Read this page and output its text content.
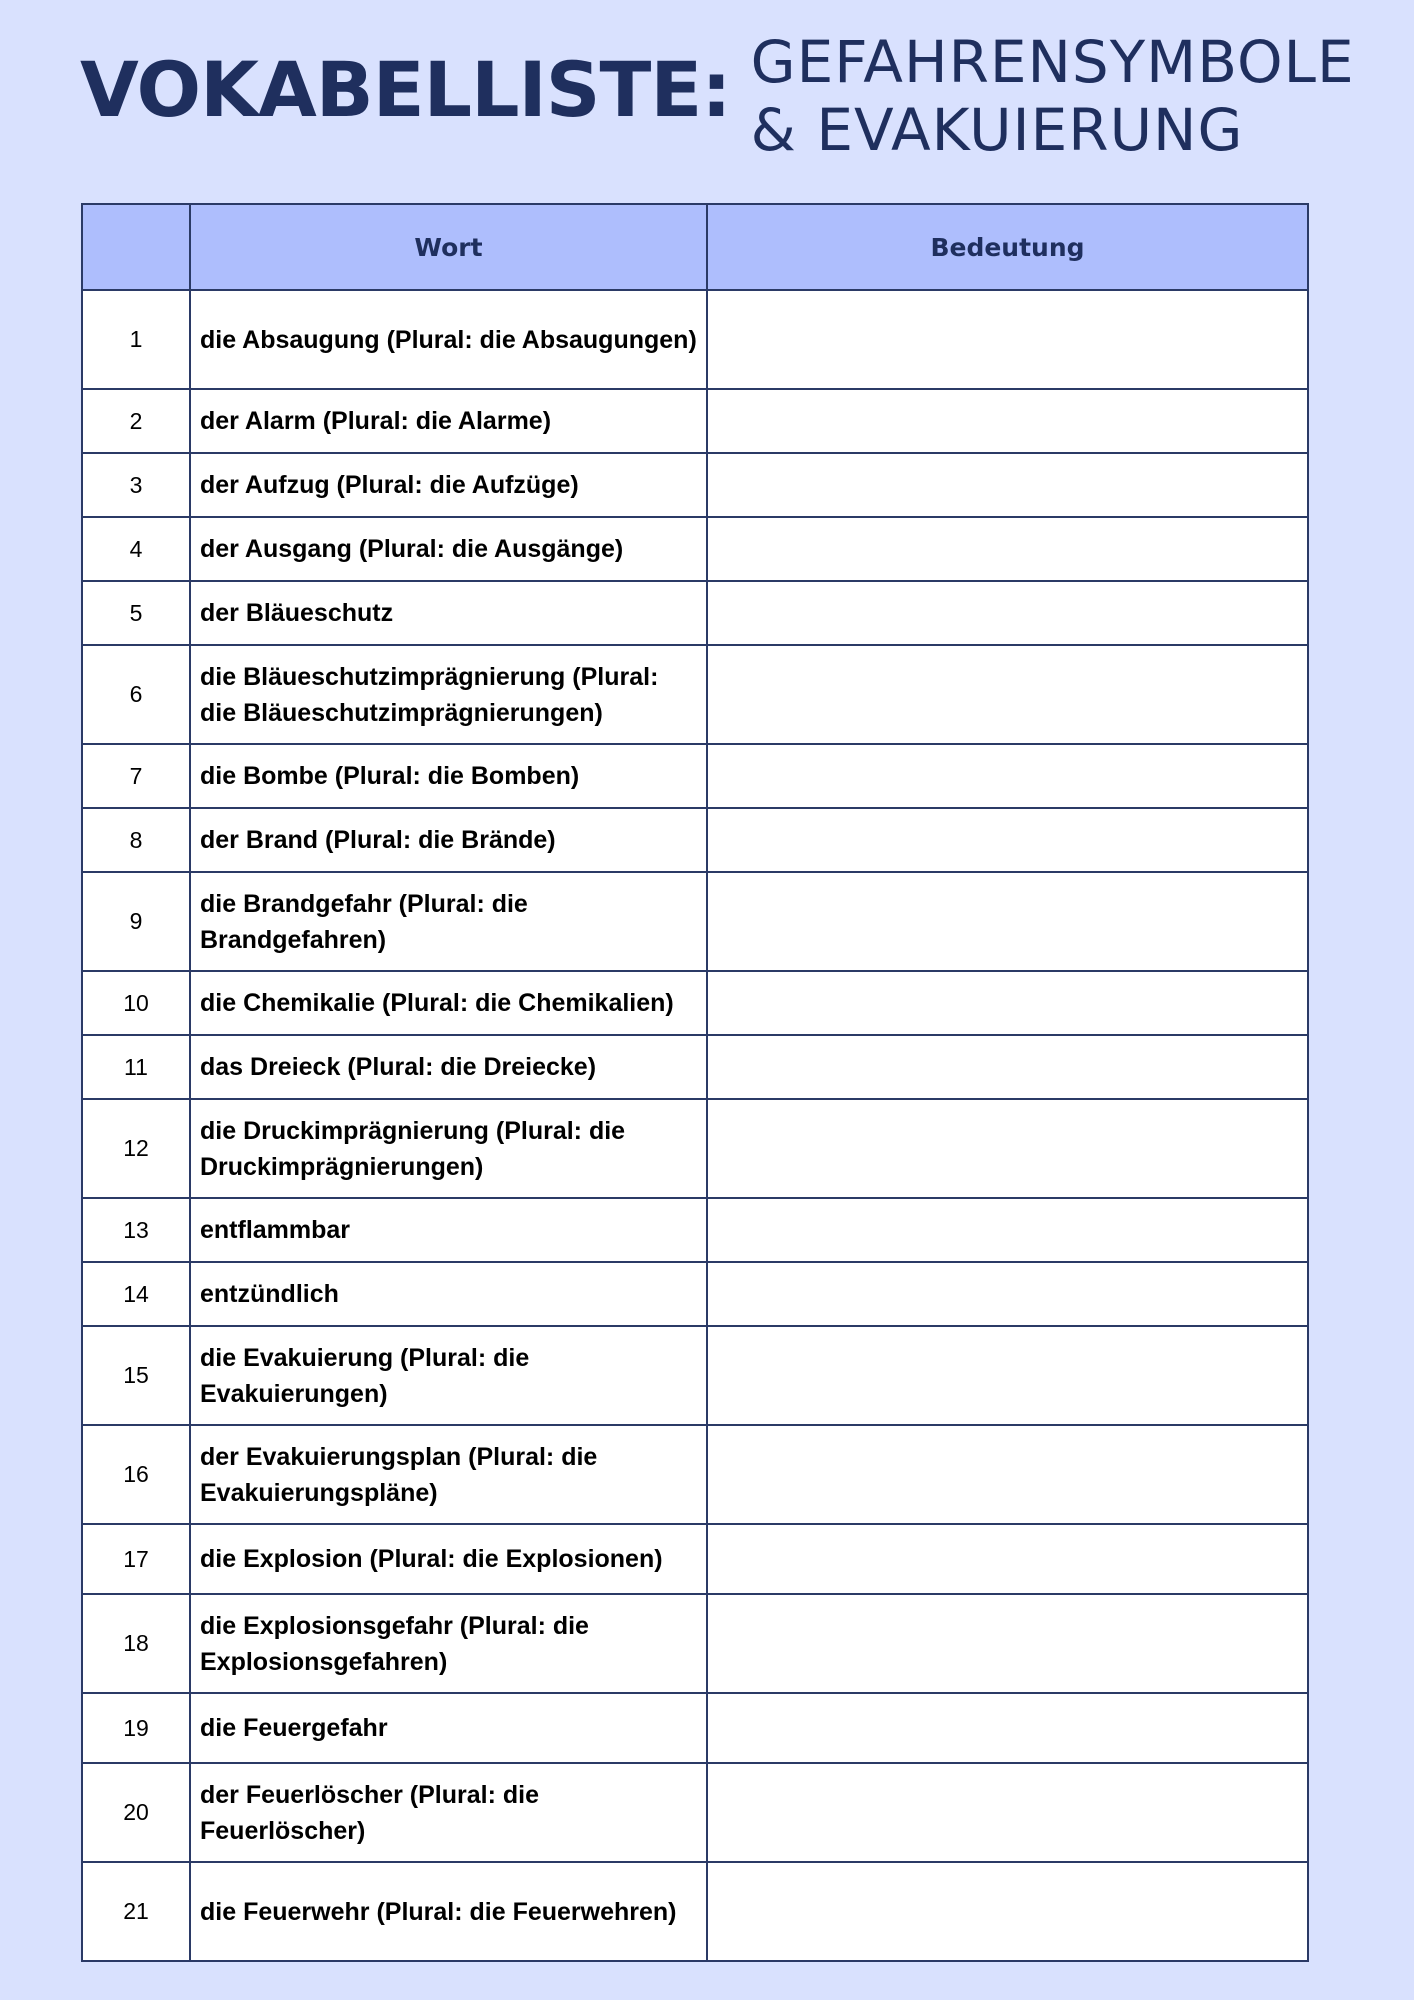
VOKABELLISTE: GEFAHRENSYMBOLE
& EVAKUIERUNG
	Wort	Bedeutung
1	die Absaugung (Plural: die Absaugungen)	
2	der Alarm (Plural: die Alarme)	
3	der Aufzug (Plural: die Aufzüge)	
4	der Ausgang (Plural: die Ausgänge)	
5	der Bläueschutz	
6	die Bläueschutzimprägnierung (Plural: die Bläueschutzimprägnierungen)	
7	die Bombe (Plural: die Bomben)	
8	der Brand (Plural: die Brände)	
9	die Brandgefahr (Plural: die Brandgefahren)	
10	die Chemikalie (Plural: die Chemikalien)	
11	das Dreieck (Plural: die Dreiecke)	
12	die Druckimprägnierung (Plural: die Druckimprägnierungen)	
13	entflammbar	
14	entzündlich	
15	die Evakuierung (Plural: die Evakuierungen)	
16	der Evakuierungsplan (Plural: die Evakuierungspläne)	
17	die Explosion (Plural: die Explosionen)	
18	die Explosionsgefahr (Plural: die Explosionsgefahren)	
19	die Feuergefahr	
20	der Feuerlöscher (Plural: die Feuerlöscher)	
21	die Feuerwehr (Plural: die Feuerwehren)	
